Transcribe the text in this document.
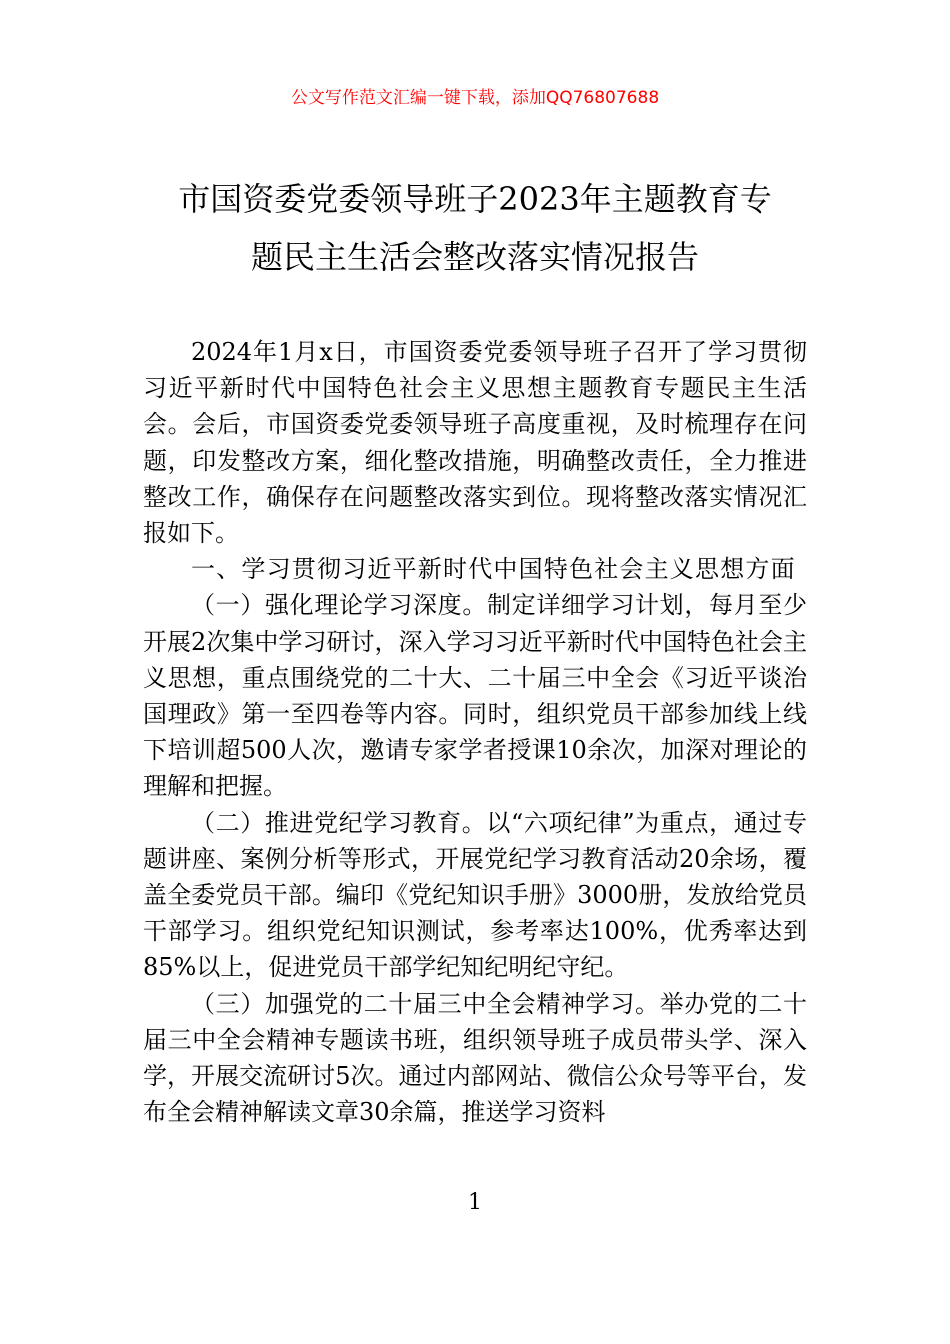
公文写作范文汇编一键下载，添加QQ76807688
市国资委党委领导班子2023年主题教育专
题民主生活会整改落实情况报告

2024年1月x日，市国资委党委领导班子召开了学习贯彻习近平新时代中国特色社会主义思想主题教育专题民主生活会。会后，市国资委党委领导班子高度重视，及时梳理存在问题，印发整改方案，细化整改措施，明确整改责任，全力推进整改工作，确保存在问题整改落实到位。现将整改落实情况汇报如下。

一、学习贯彻习近平新时代中国特色社会主义思想方面

（一）强化理论学习深度。制定详细学习计划，每月至少开展2次集中学习研讨，深入学习习近平新时代中国特色社会主义思想，重点围绕党的二十大、二十届三中全会《习近平谈治国理政》第一至四卷等内容。同时，组织党员干部参加线上线下培训超500人次，邀请专家学者授课10余次，加深对理论的理解和把握。

（二）推进党纪学习教育。以“六项纪律”为重点，通过专题讲座、案例分析等形式，开展党纪学习教育活动20余场，覆盖全委党员干部。编印《党纪知识手册》3000册，发放给党员干部学习。组织党纪知识测试，参考率达100%，优秀率达到85%以上，促进党员干部学纪知纪明纪守纪。

（三）加强党的二十届三中全会精神学习。举办党的二十届三中全会精神专题读书班，组织领导班子成员带头学、深入学，开展交流研讨5次。通过内部网站、微信公众号等平台，发布全会精神解读文章30余篇，推送学习资料

1
